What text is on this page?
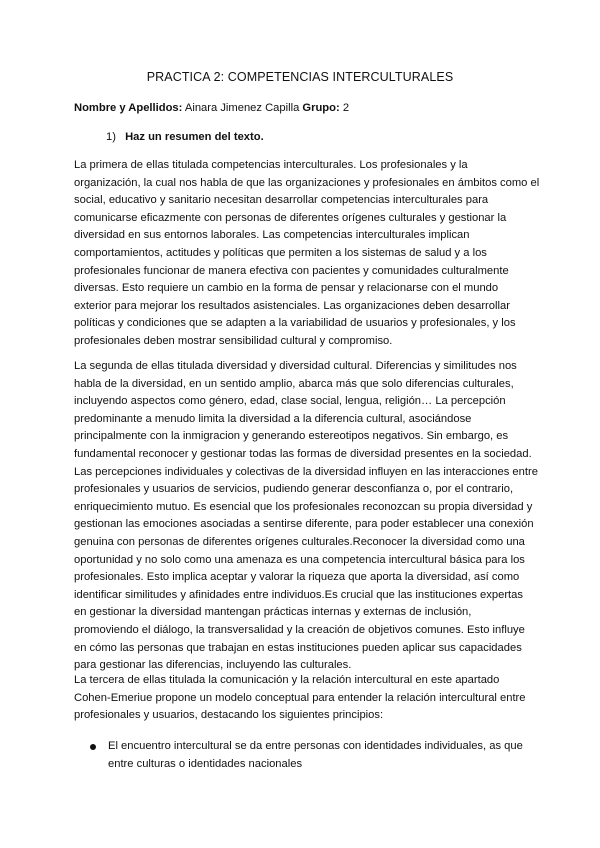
PRACTICA 2: COMPETENCIAS INTERCULTURALES
Nombre y Apellidos: Ainara Jimenez Capilla Grupo: 2
1) Haz un resumen del texto.
La primera de ellas titulada competencias interculturales. Los profesionales y la
organización, la cual nos habla de que las organizaciones y profesionales en ámbitos como el
social, educativo y sanitario necesitan desarrollar competencias interculturales para
comunicarse eficazmente con personas de diferentes orígenes culturales y gestionar la
diversidad en sus entornos laborales. Las competencias interculturales implican
comportamientos, actitudes y políticas que permiten a los sistemas de salud y a los
profesionales funcionar de manera efectiva con pacientes y comunidades culturalmente
diversas. Esto requiere un cambio en la forma de pensar y relacionarse con el mundo
exterior para mejorar los resultados asistenciales. Las organizaciones deben desarrollar
políticas y condiciones que se adapten a la variabilidad de usuarios y profesionales, y los
profesionales deben mostrar sensibilidad cultural y compromiso.
La segunda de ellas titulada diversidad y diversidad cultural. Diferencias y similitudes nos
habla de la diversidad, en un sentido amplio, abarca más que solo diferencias culturales,
incluyendo aspectos como género, edad, clase social, lengua, religión… La percepción
predominante a menudo limita la diversidad a la diferencia cultural, asociándose
principalmente con la inmigracion y generando estereotipos negativos. Sin embargo, es
fundamental reconocer y gestionar todas las formas de diversidad presentes en la sociedad.
Las percepciones individuales y colectivas de la diversidad influyen en las interacciones entre
profesionales y usuarios de servicios, pudiendo generar desconfianza o, por el contrario,
enriquecimiento mutuo. Es esencial que los profesionales reconozcan su propia diversidad y
gestionan las emociones asociadas a sentirse diferente, para poder establecer una conexión
genuina con personas de diferentes orígenes culturales.Reconocer la diversidad como una
oportunidad y no solo como una amenaza es una competencia intercultural básica para los
profesionales. Esto implica aceptar y valorar la riqueza que aporta la diversidad, así como
identificar similitudes y afinidades entre individuos.Es crucial que las instituciones expertas
en gestionar la diversidad mantengan prácticas internas y externas de inclusión,
promoviendo el diálogo, la transversalidad y la creación de objetivos comunes. Esto influye
en cómo las personas que trabajan en estas instituciones pueden aplicar sus capacidades
para gestionar las diferencias, incluyendo las culturales.
La tercera de ellas titulada la comunicación y la relación intercultural en este apartado
Cohen-Emeriue propone un modelo conceptual para entender la relación intercultural entre
profesionales y usuarios, destacando los siguientes principios:
El encuentro intercultural se da entre personas con identidades individuales, as que
entre culturas o identidades nacionales
